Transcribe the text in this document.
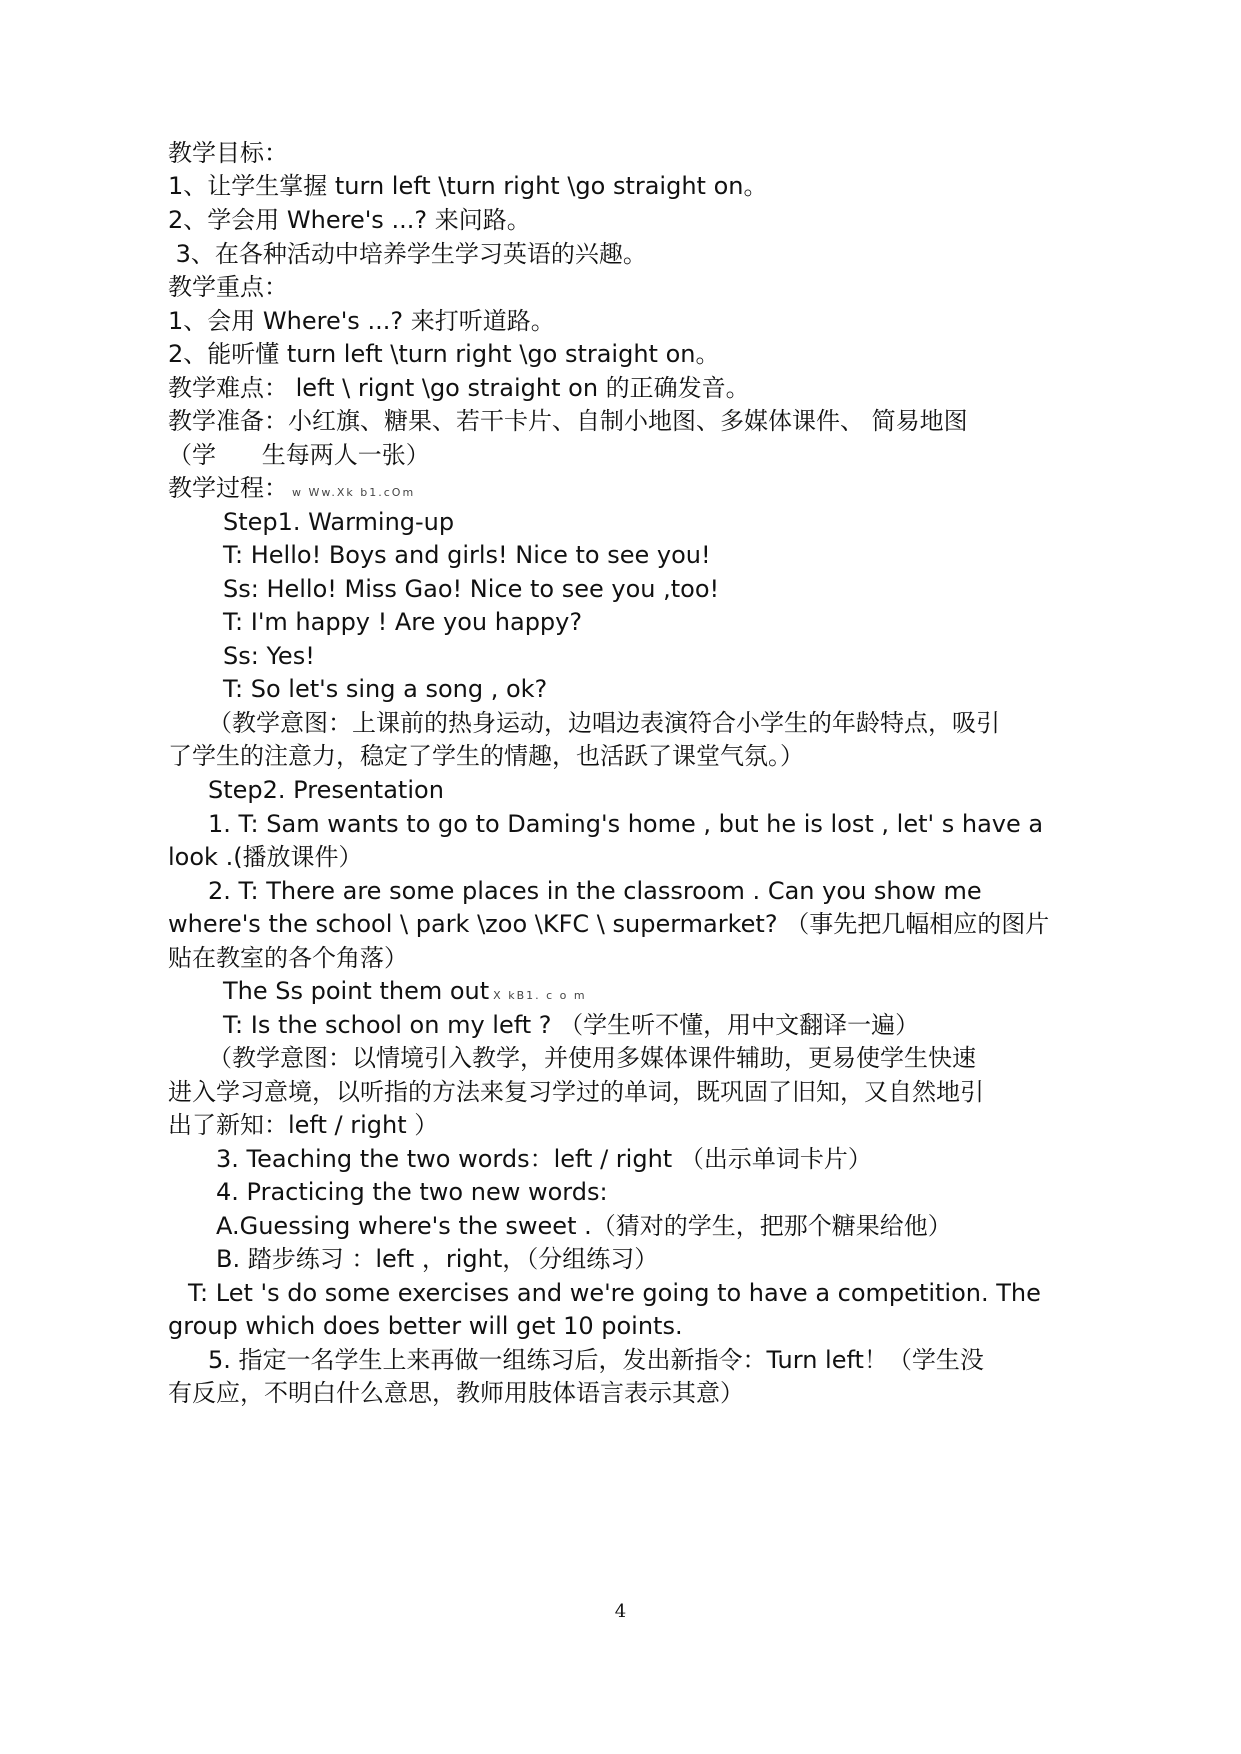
教学目标：
1、让学生掌握 turn left \turn right \go straight on。
2、学会用 Where's ...? 来问路。
3、在各种活动中培养学生学习英语的兴趣。
教学重点：
1、会用 Where's ...? 来打听道路。
2、能听懂 turn left \turn right \go straight on。
教学难点： left \ rignt \go straight on 的正确发音。
教学准备：小红旗、糖果、若干卡片、自制小地图、多媒体课件、 简易地图
（学      生每两人一张）
教学过程： w Ww.Xk b1.cOm
Step1. Warming-up
T: Hello! Boys and girls! Nice to see you!
Ss: Hello! Miss Gao! Nice to see you ,too!
T: I'm happy ! Are you happy?
Ss: Yes!
T: So let's sing a song , ok?
（教学意图：上课前的热身运动，边唱边表演符合小学生的年龄特点，吸引
了学生的注意力，稳定了学生的情趣，也活跃了课堂气氛。）
Step2. Presentation
1. T: Sam wants to go to Daming's home , but he is lost , let' s have a
look .(播放课件）
2. T: There are some places in the classroom . Can you show me
where's the school \ park \zoo \KFC \ supermarket? （事先把几幅相应的图片
贴在教室的各个角落）
The Ss point them out X kB1. c o m
T: Is the school on my left ? （学生听不懂，用中文翻译一遍）
（教学意图：以情境引入教学，并使用多媒体课件辅助，更易使学生快速
进入学习意境，以听指的方法来复习学过的单词，既巩固了旧知，又自然地引
出了新知：left / right ）
3. Teaching the two words：left / right （出示单词卡片）
4. Practicing the two new words:
A.Guessing where's the sweet .（猜对的学生，把那个糖果给他）
B. 踏步练习 ：left ，right，（分组练习）
T: Let 's do some exercises and we're going to have a competition. The
group which does better will get 10 points.
5. 指定一名学生上来再做一组练习后，发出新指令：Turn left！（学生没
有反应，不明白什么意思，教师用肢体语言表示其意）
4
